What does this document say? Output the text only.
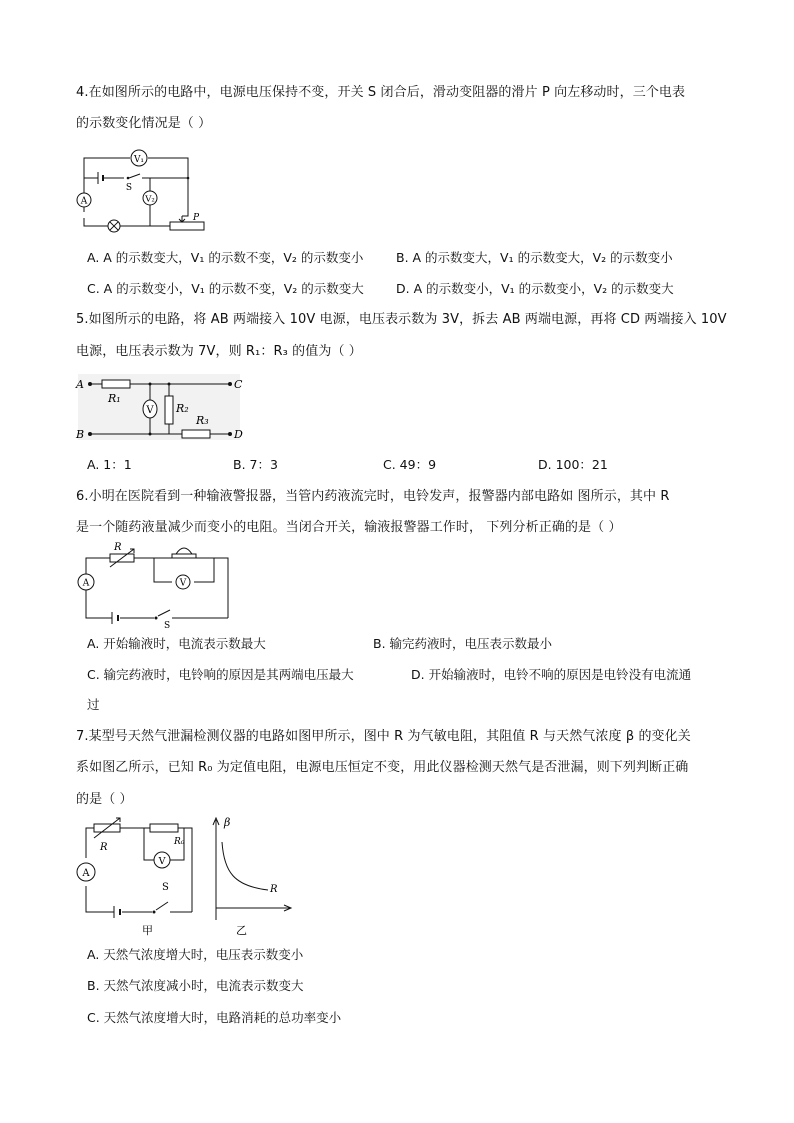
4.在如图所示的电路中，电源电压保持不变，开关 S 闭合后，滑动变阻器的滑片 P 向左移动时，三个电表
的示数变化情况是（ ）
V₁
V₂
A
S
P
A. A 的示数变大，V₁ 的示数不变，V₂ 的示数变小	B. A 的示数变大，V₁ 的示数变大，V₂ 的示数变小
C. A 的示数变小，V₁ 的示数不变，V₂ 的示数变大	D. A 的示数变小，V₁ 的示数变小，V₂ 的示数变大
5.如图所示的电路，将 AB 两端接入 10V 电源，电压表示数为 3V，拆去 AB 两端电源，再将 CD 两端接入 10V
电源，电压表示数为 7V，则 R₁：R₃ 的值为（ ）
V
A
B
C
D
R₁
R₂
R₃
A. 1：1	B. 7：3	C. 49：9	D. 100：21
6.小明在医院看到一种输液警报器，当管内药液流完时，电铃发声，报警器内部电路如 图所示，其中 R
是一个随药液量减少而变小的电阻。当闭合开关，输液报警器工作时， 下列分析正确的是（ ）
V
A
R
S
A. 开始输液时，电流表示数最大	B. 输完药液时，电压表示数最小
C. 输完药液时，电铃响的原因是其两端电压最大	D. 开始输液时，电铃不响的原因是电铃没有电流通
过
7.某型号天然气泄漏检测仪器的电路如图甲所示，图中 R 为气敏电阻，其阻值 R 与天然气浓度 β 的变化关
系如图乙所示，已知 R₀ 为定值电阻，电源电压恒定不变，用此仪器检测天然气是否泄漏，则下列判断正确
的是（ ）
V
A
R	R₀
S
甲
β
R
乙
A. 天然气浓度增大时，电压表示数变小
B. 天然气浓度减小时，电流表示数变大
C. 天然气浓度增大时，电路消耗的总功率变小
